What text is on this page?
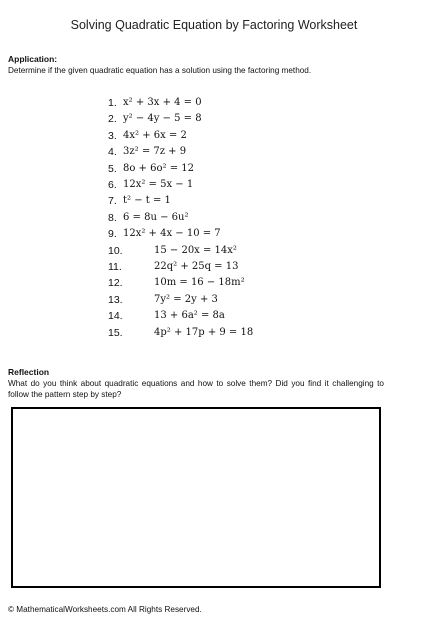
Solving Quadratic Equation by Factoring Worksheet
Application:
Determine if the given quadratic equation has a solution using the factoring method.
1. x² + 3x + 4 = 0
2. y² − 4y − 5 = 8
3. 4x² + 6x = 2
4. 3z² = 7z + 9
5. 8o + 6o² = 12
6. 12x² = 5x − 1
7. t² − t = 1
8. 6 = 8u − 6u²
9. 12x² + 4x − 10 = 7
10.	15 − 20x = 14x²
11.	22q² + 25q = 13
12.	10m = 16 − 18m²
13.	7y² = 2y + 3
14.	13 + 6a² = 8a
15.	4p² + 17p + 9 = 18
Reflection
What do you think about quadratic equations and how to solve them? Did you find it challenging to follow the pattern step by step?
© MathematicalWorksheets.com All Rights Reserved.
